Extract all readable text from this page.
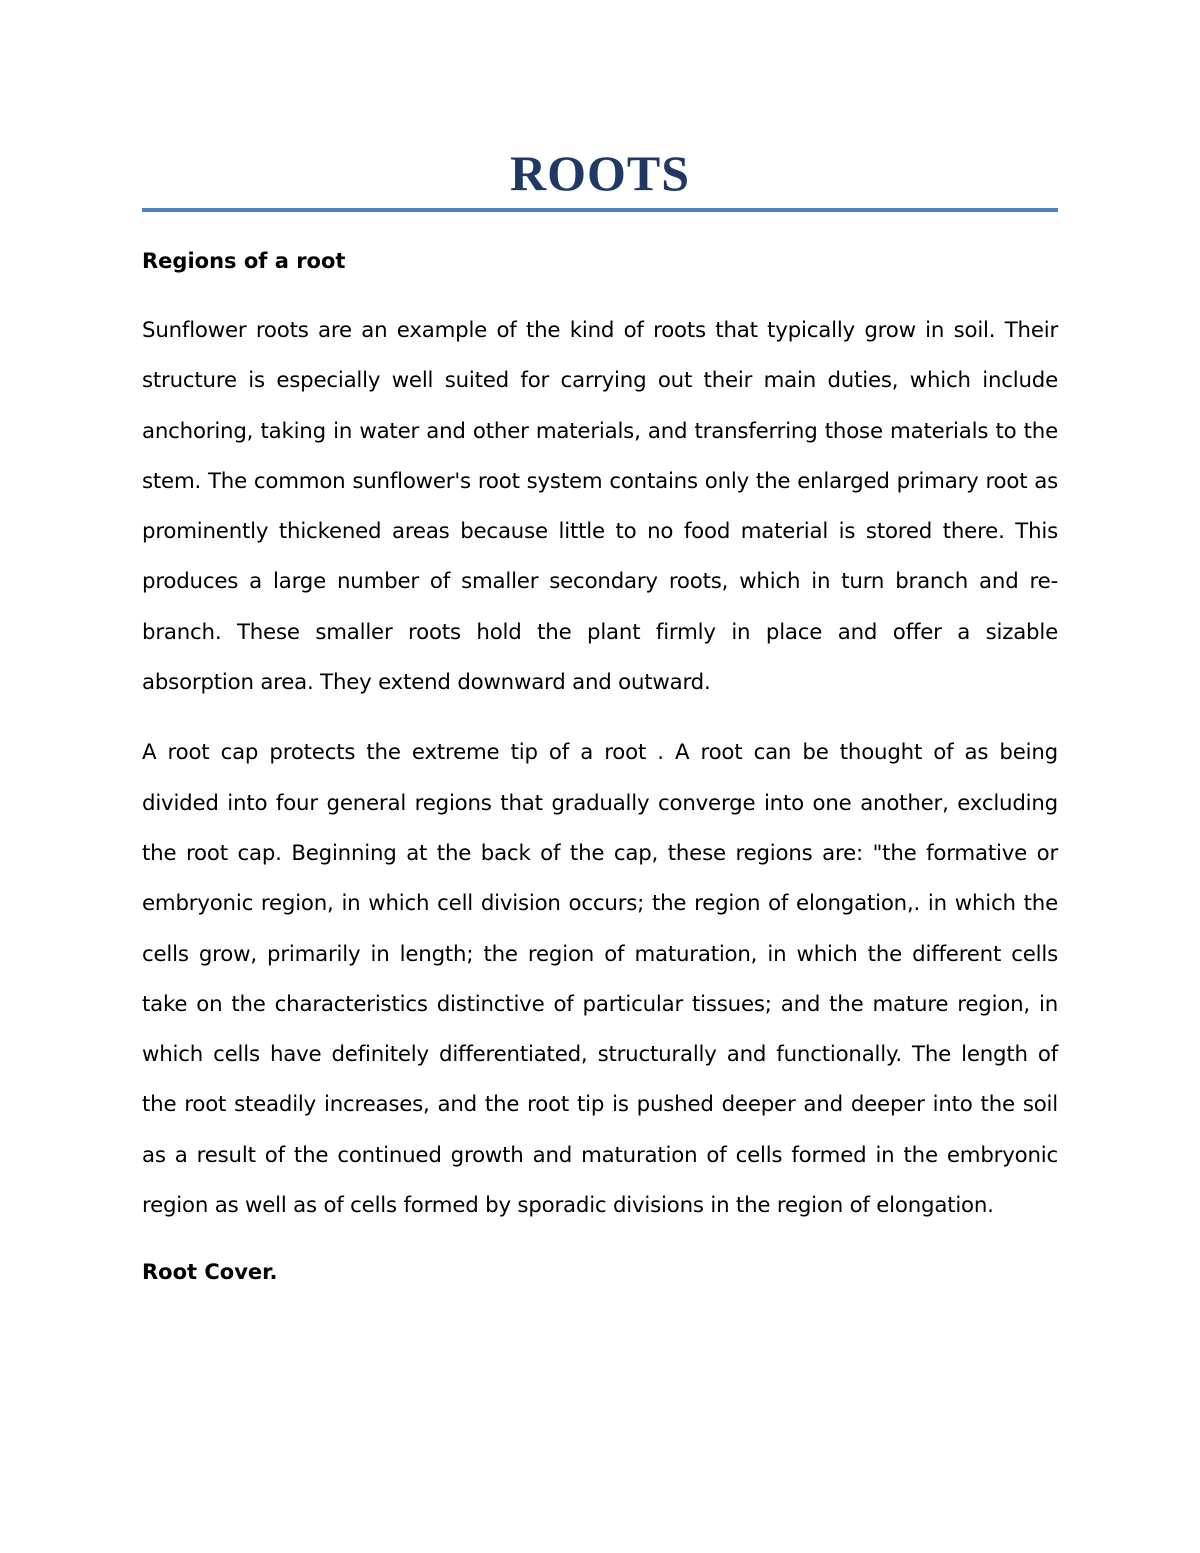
ROOTS
Regions of a root

Sunflower roots are an example of the kind of roots that typically grow in soil. Their structure is especially well suited for carrying out their main duties, which include anchoring, taking in water and other materials, and transferring those materials to the stem. The common sunflower's root system contains only the enlarged primary root as prominently thickened areas because little to no food material is stored there. This produces a large number of smaller secondary roots, which in turn branch and re-branch. These smaller roots hold the plant firmly in place and offer a sizable absorption area. They extend downward and outward.

A root cap protects the extreme tip of a root . A root can be thought of as being divided into four general regions that gradually converge into one another, excluding the root cap. Beginning at the back of the cap, these regions are: "the formative or embryonic region, in which cell division occurs; the region of elongation,. in which the cells grow, primarily in length; the region of maturation, in which the different cells take on the characteristics distinctive of particular tissues; and the mature region, in which cells have definitely differentiated, structurally and functionally. The length of the root steadily increases, and the root tip is pushed deeper and deeper into the soil as a result of the continued growth and maturation of cells formed in the embryonic region as well as of cells formed by sporadic divisions in the region of elongation.

Root Cover.
